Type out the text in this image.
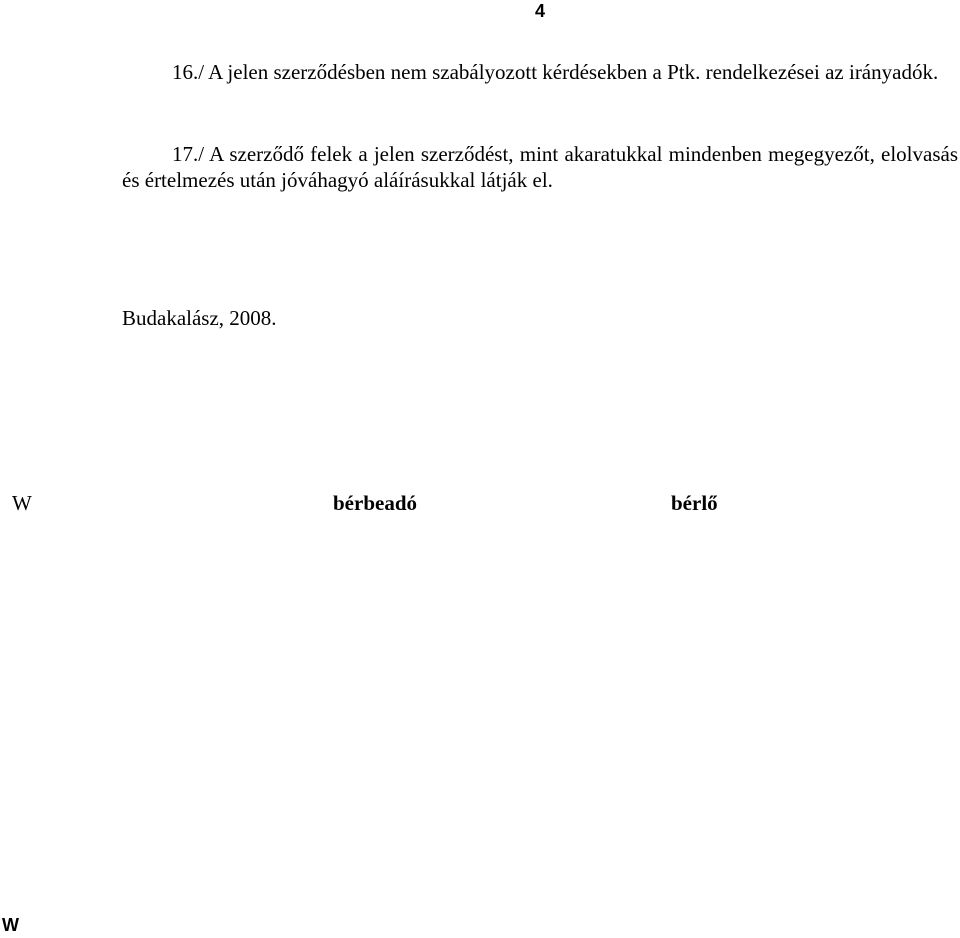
4
16./ A jelen szerződésben nem szabályozott kérdésekben a Ptk. rendelkezései az irányadók.
17./ A szerződő felek a jelen szerződést, mint akaratukkal mindenben megegyezőt, elolvasás és értelmezés után jóváhagyó aláírásukkal látják el.
Budakalász, 2008.
W	bérbeadó	bérlő
W
